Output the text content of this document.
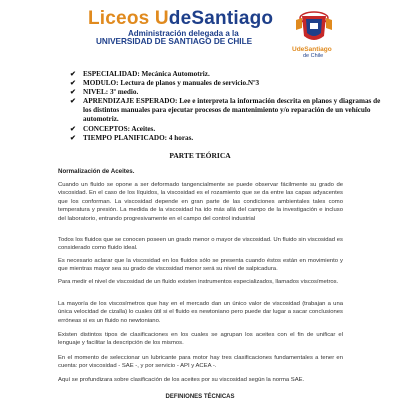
Liceos UdeSantiago
Administración delegada a la
UNIVERSIDAD DE SANTIAGO DE CHILE
UdeSantiago
de Chile
✔ ESPECIALIDAD: Mecánica Automotriz.
✔ MODULO: Lectura de planos y manuales de servicio.Nº3
✔ NIVEL: 3º medio.
✔ APRENDIZAJE ESPERADO: Lee e interpreta la información descrita en planos y diagramas de los distintos manuales para ejecutar procesos de mantenimiento y/o reparación de un vehículo automotriz.
✔ CONCEPTOS: Aceites.
✔ TIEMPO PLANIFICADO: 4 horas.
PARTE TEÓRICA
Normalización de Aceites.
Cuando un fluido se opone a ser deformado tangencialmente se puede observar fácilmente su grado de viscosidad. En el caso de los líquidos, la viscosidad es el rozamiento que se da entre las capas adyacentes que los conforman. La viscosidad depende en gran parte de las condiciones ambientales tales como temperatura y presión. La medida de la viscosidad ha ido más allá del campo de la investigación e incluso del laboratorio, entrando progresivamente en el campo del control industrial
Todos los fluidos que se conocen poseen un grado menor o mayor de viscosidad. Un fluido sin viscosidad es considerado como fluido ideal.
Es necesario aclarar que la viscosidad en los fluidos sólo se presenta cuando éstos están en movimiento y que mientras mayor sea su grado de viscosidad menor será su nivel de salpicadura.
Para medir el nivel de viscosidad de un fluido existen instrumentos especializados, llamados viscosímetros.
La mayoría de los viscosímetros que hay en el mercado dan un único valor de viscosidad (trabajan a una única velocidad de cizalla) lo cuales útil si el fluido es newtoniano pero puede dar lugar a sacar conclusiones erróneas si es un fluido no newtoniano.
Existen distintos tipos de clasificaciones en los cuales se agrupan los aceites con el fin de unificar el lenguaje y facilitar la descripción de los mismos.
En el momento de seleccionar un lubricante para motor hay tres clasificaciones fundamentales a tener en cuenta: por viscosidad - SAE -, y por servicio - API y ACEA -.
Aquí se profundizara sobre clasificación de los aceites por su viscosidad según la norma SAE.
DEFINIONES TÉCNICAS
